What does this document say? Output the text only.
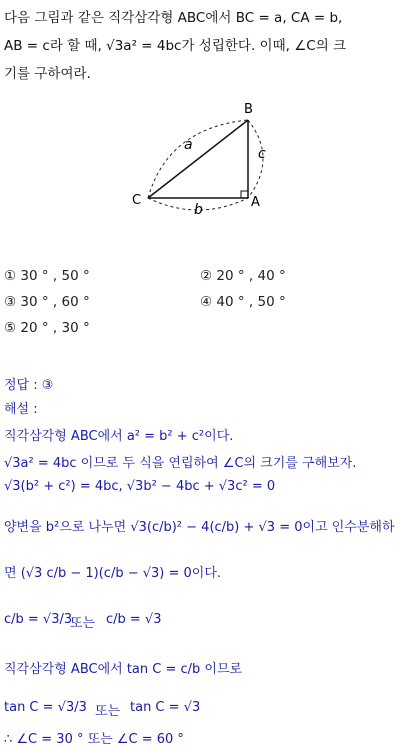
다음 그림과 같은 직각삼각형 ABC에서 BC = a, CA = b,
AB = c라 할 때, √3a² = 4bc가 성립한다. 이때, ∠C의 크
기를 구하여라.
B
C	A
a
c
b
① 30 ° , 50 °	② 20 ° , 40 °
③ 30 ° , 60 °	④ 40 ° , 50 °
⑤ 20 ° , 30 °
정답 : ③
해설 :
직각삼각형 ABC에서 a² = b² + c²이다.
√3a² = 4bc 이므로 두 식을 연립하여 ∠C의 크기를 구해보자.
√3(b² + c²) = 4bc, √3b² − 4bc + √3c² = 0
양변을 b²으로 나누면 √3(c/b)² − 4(c/b) + √3 = 0이고 인수분해하
면 (√3 c/b − 1)(c/b − √3) = 0이다.
c/b = √3/3
또는 c/b = √3
직각삼각형 ABC에서 tan C = c/b 이므로
tan C = √3/3 또는 tan C = √3
∴ ∠C = 30 ° 또는 ∠C = 60 °
